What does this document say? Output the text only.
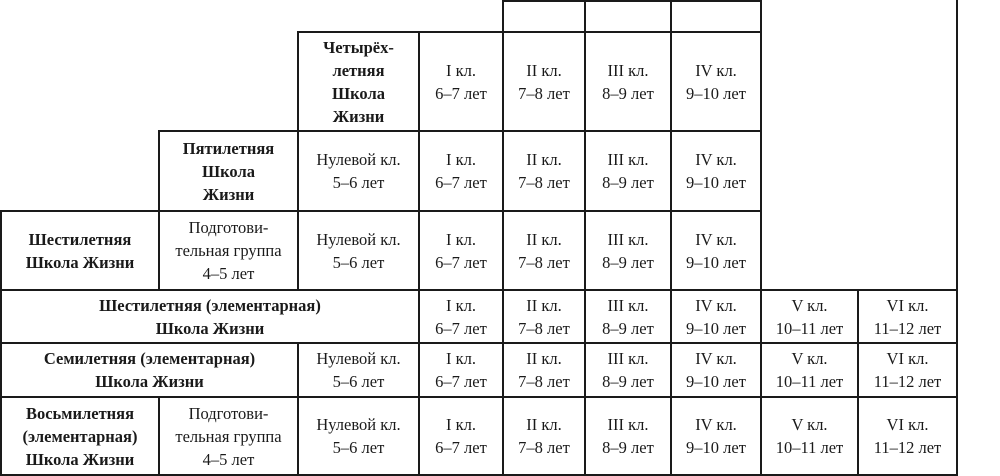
Четырёх-
летняя
Школа
Жизни
I кл.
6–7 лет
II кл.
7–8 лет
III кл.
8–9 лет
IV кл.
9–10 лет
Пятилетняя
Школа
Жизни
Нулевой кл.
5–6 лет
I кл.
6–7 лет
II кл.
7–8 лет
III кл.
8–9 лет
IV кл.
9–10 лет
Шестилетняя
Школа Жизни
Подготови-
тельная группа
4–5 лет
Нулевой кл.
5–6 лет
I кл.
6–7 лет
II кл.
7–8 лет
III кл.
8–9 лет
IV кл.
9–10 лет
Шестилетняя (элементарная)
Школа Жизни
I кл.
6–7 лет
II кл.
7–8 лет
III кл.
8–9 лет
IV кл.
9–10 лет
V кл.
10–11 лет
VI кл.
11–12 лет
Семилетняя (элементарная)
Школа Жизни
Нулевой кл.
5–6 лет
I кл.
6–7 лет
II кл.
7–8 лет
III кл.
8–9 лет
IV кл.
9–10 лет
V кл.
10–11 лет
VI кл.
11–12 лет
Восьмилетняя
(элементарная)
Школа Жизни
Подготови-
тельная группа
4–5 лет
Нулевой кл.
5–6 лет
I кл.
6–7 лет
II кл.
7–8 лет
III кл.
8–9 лет
IV кл.
9–10 лет
V кл.
10–11 лет
VI кл.
11–12 лет
